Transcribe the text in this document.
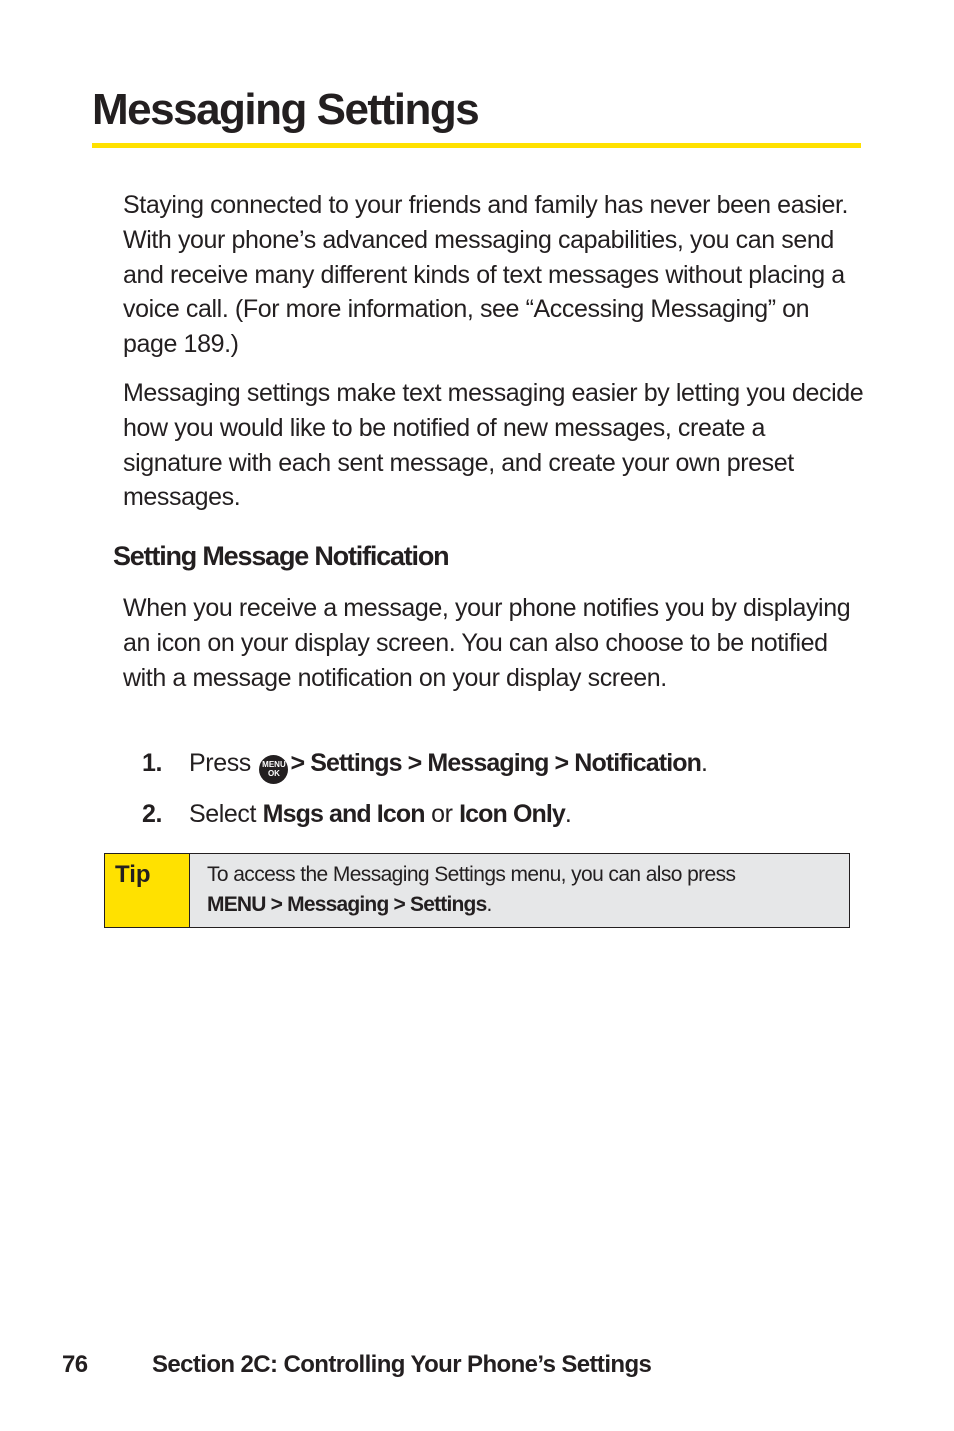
Messaging Settings

Staying connected to your friends and family has never been easier. With your phone’s advanced messaging capabilities, you can send and receive many different kinds of text messages without placing a voice call. (For more information, see “Accessing Messaging” on page 189.)

Messaging settings make text messaging easier by letting you decide how you would like to be notified of new messages, create a signature with each sent message, and create your own preset messages.

Setting Message Notification

When you receive a message, your phone notifies you by displaying an icon on your display screen. You can also choose to be notified with a message notification on your display screen.

1. Press MENU
OK > Settings > Messaging > Notification.
2. Select Msgs and Icon or Icon Only.
Tip	To access the Messaging Settings menu, you can also press
MENU > Messaging > Settings.
76	Section 2C: Controlling Your Phone’s Settings
